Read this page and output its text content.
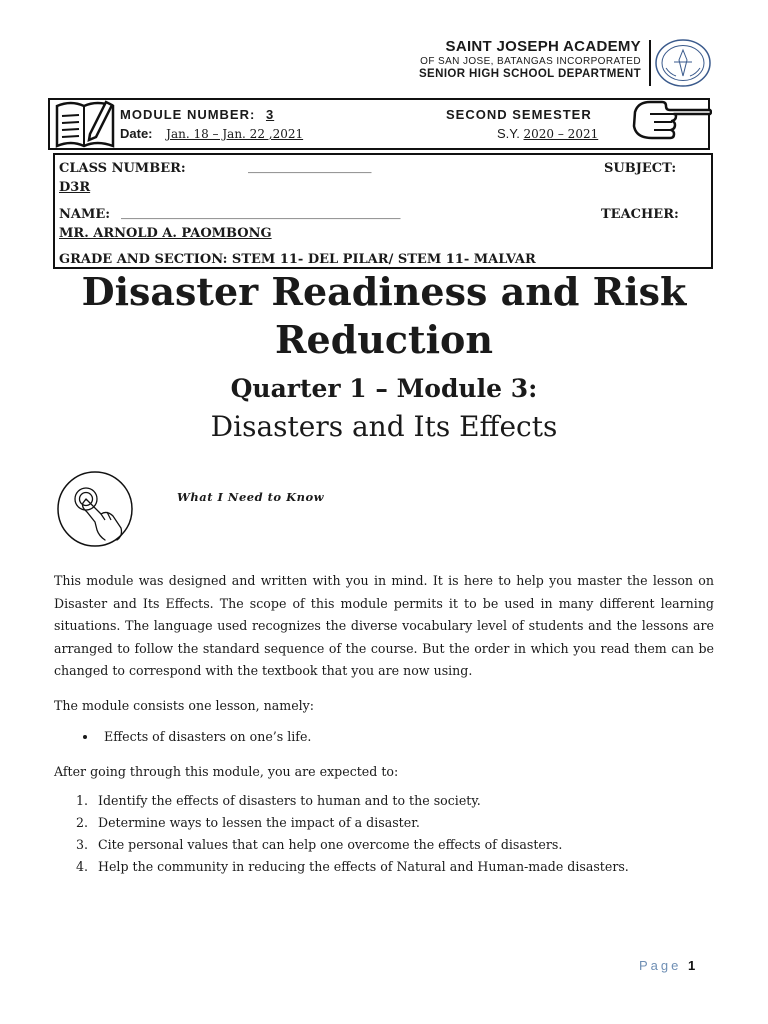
SAINT JOSEPH ACADEMY
OF SAN JOSE, BATANGAS INCORPORATED
SENIOR HIGH SCHOOL DEPARTMENT
MODULE NUMBER: 3	SECOND SEMESTER
Date: Jan. 18 – Jan. 22 ,2021	S.Y. 2020 – 2021
CLASS NUMBER:	___________________	SUBJECT:
D3R
NAME: ___________________________________________	TEACHER:
MR. ARNOLD A. PAOMBONG
GRADE AND SECTION: STEM 11- DEL PILAR/ STEM 11- MALVAR
Disaster Readiness and Risk
Reduction
Quarter 1 – Module 3:
Disasters and Its Effects
What I Need to Know

This module was designed and written with you in mind. It is here to help you master the lesson on Disaster and Its Effects. The scope of this module permits it to be used in many different learning situations. The language used recognizes the diverse vocabulary level of students and the lessons are arranged to follow the standard sequence of the course. But the order in which you read them can be changed to correspond with the textbook that you are now using.

The module consists one lesson, namely:

• Effects of disasters on one’s life.

After going through this module, you are expected to:

1. Identify the effects of disasters to human and to the society.
2. Determine ways to lessen the impact of a disaster.
3. Cite personal values that can help one overcome the effects of disasters.
4. Help the community in reducing the effects of Natural and Human-made disasters.
Page 1
